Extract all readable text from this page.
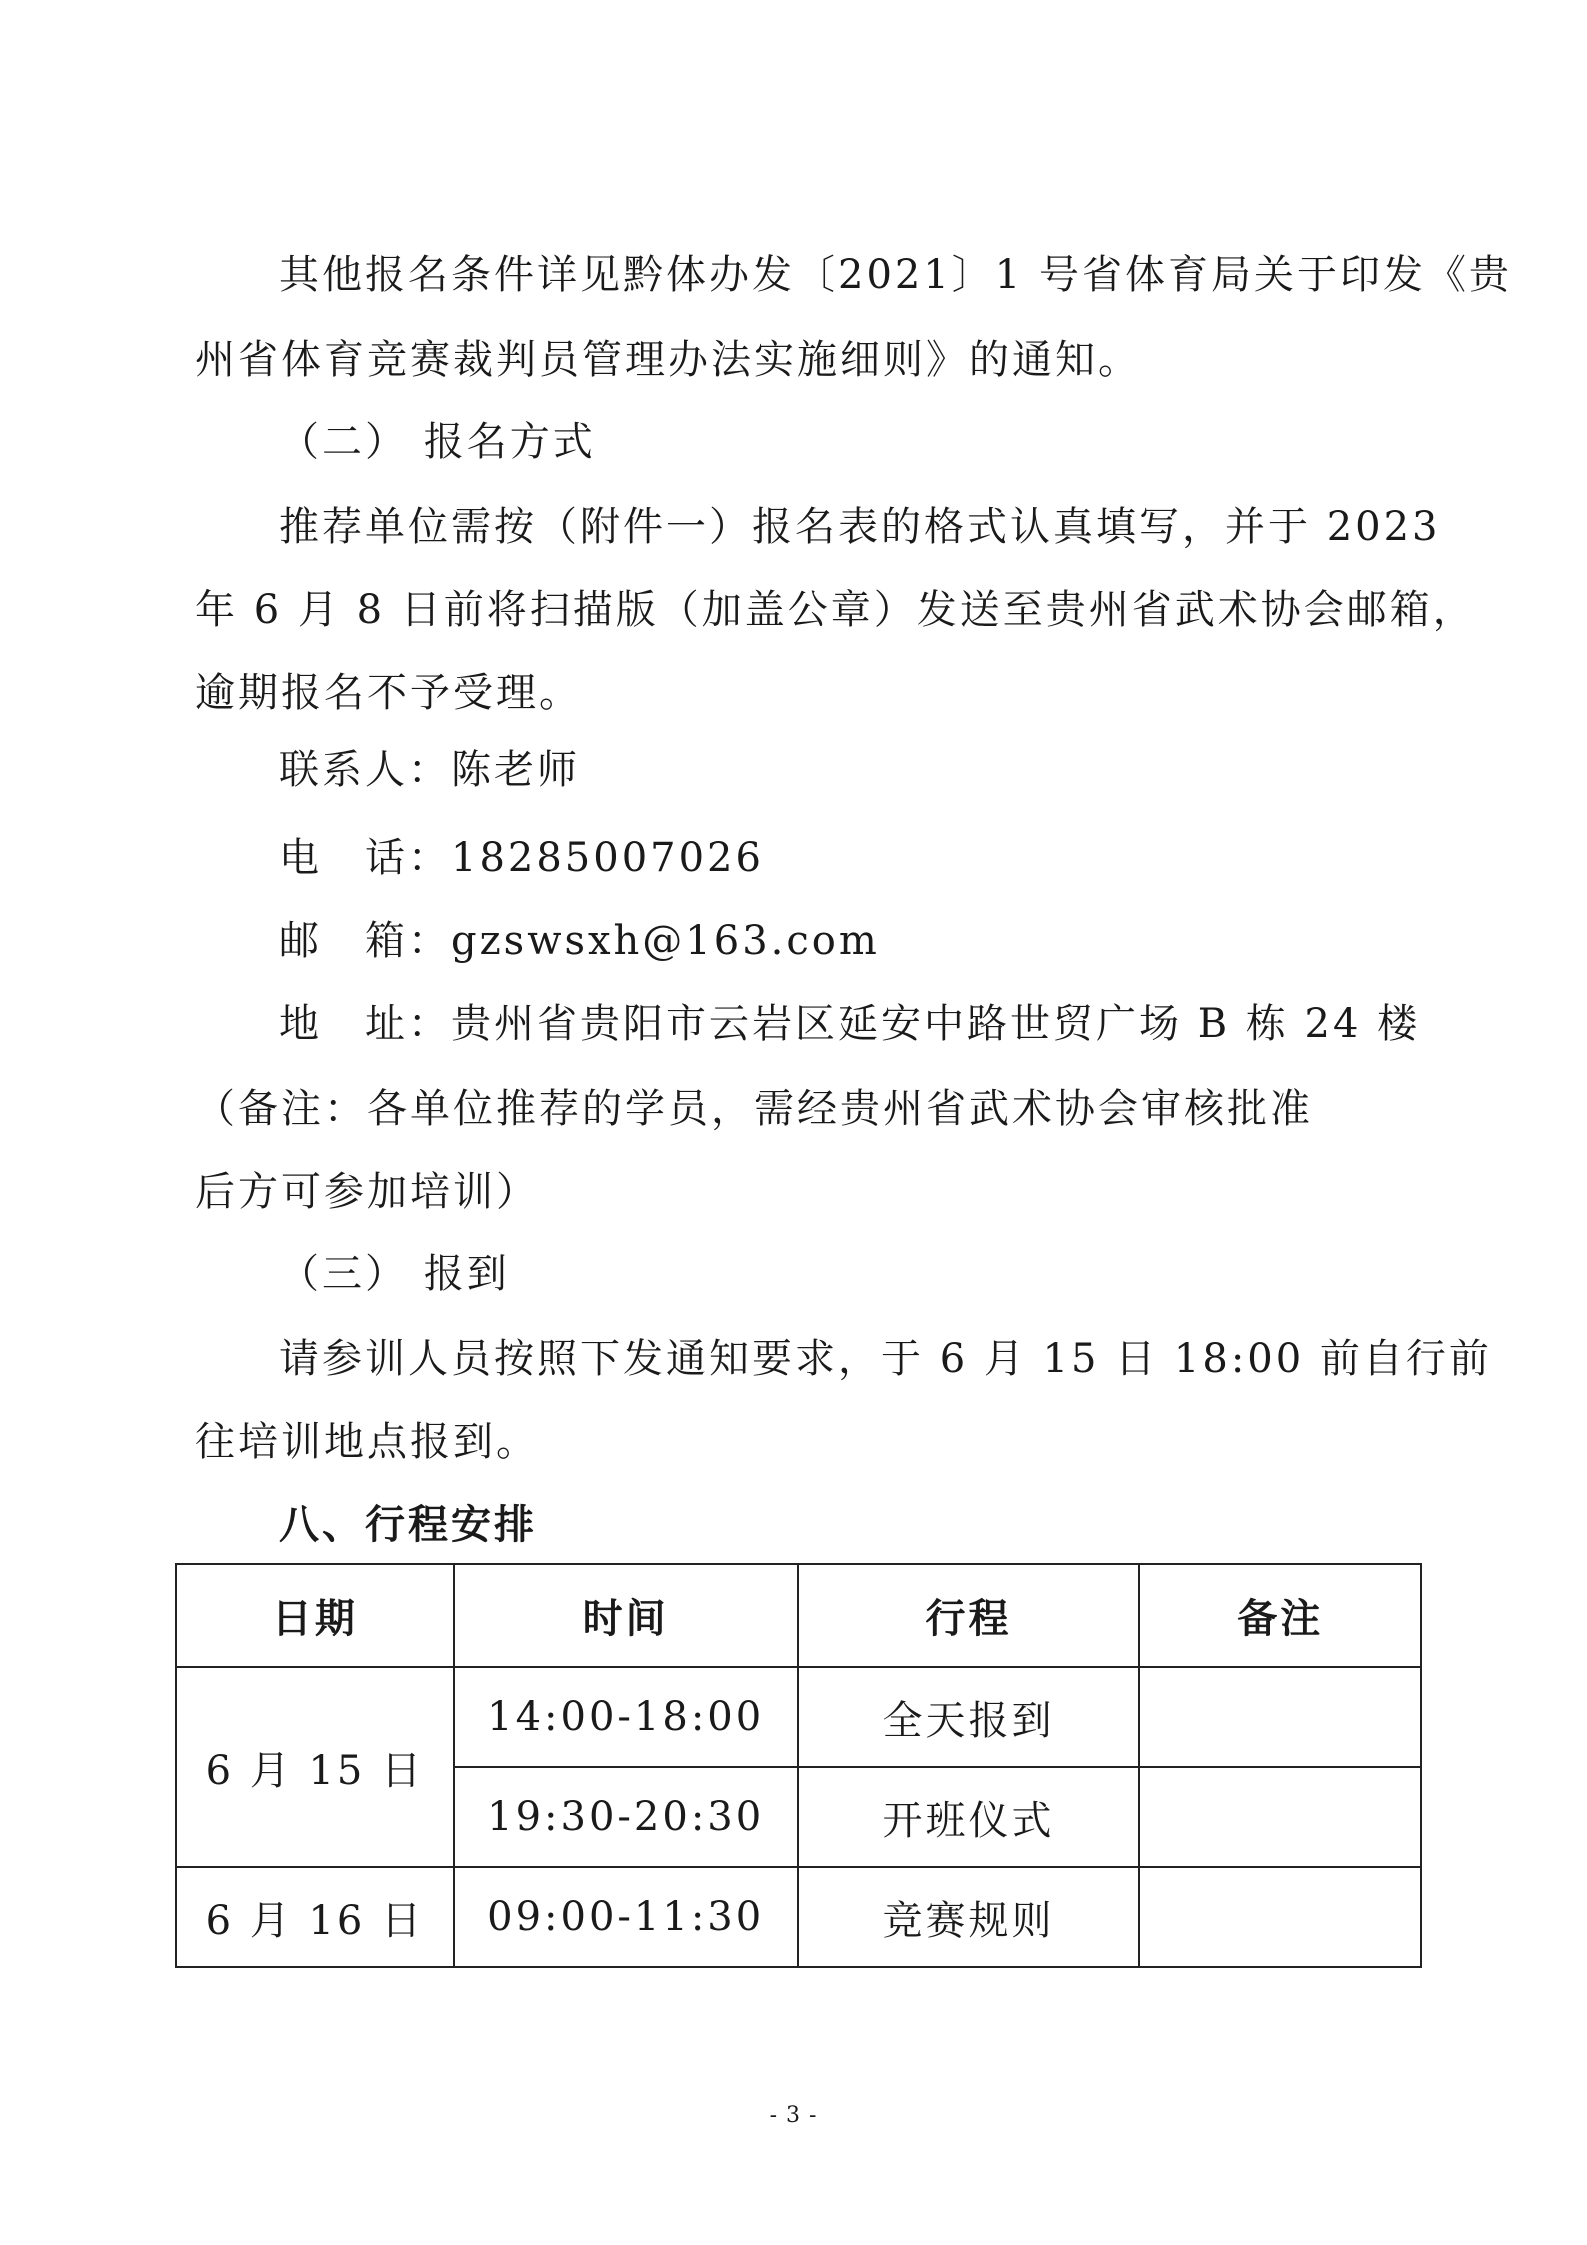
其他报名条件详见黔体办发〔2021〕1 号省体育局关于印发《贵
州省体育竞赛裁判员管理办法实施细则》的通知。
（二） 报名方式
推荐单位需按（附件一）报名表的格式认真填写，并于 2023
年 6 月 8 日前将扫描版（加盖公章）发送至贵州省武术协会邮箱，
逾期报名不予受理。
联系人：陈老师
电　话：18285007026
邮　箱：gzswsxh@163.com
地　址：贵州省贵阳市云岩区延安中路世贸广场 B 栋 24 楼
（备注：各单位推荐的学员，需经贵州省武术协会审核批准
后方可参加培训）
（三） 报到
请参训人员按照下发通知要求，于 6 月 15 日 18:00 前自行前
往培训地点报到。
八、行程安排
日期	时间	行程	备注
6 月 15 日	14:00-18:00	全天报到	
	19:30-20:30	开班仪式	
6 月 16 日	09:00-11:30	竞赛规则	
- 3 -
